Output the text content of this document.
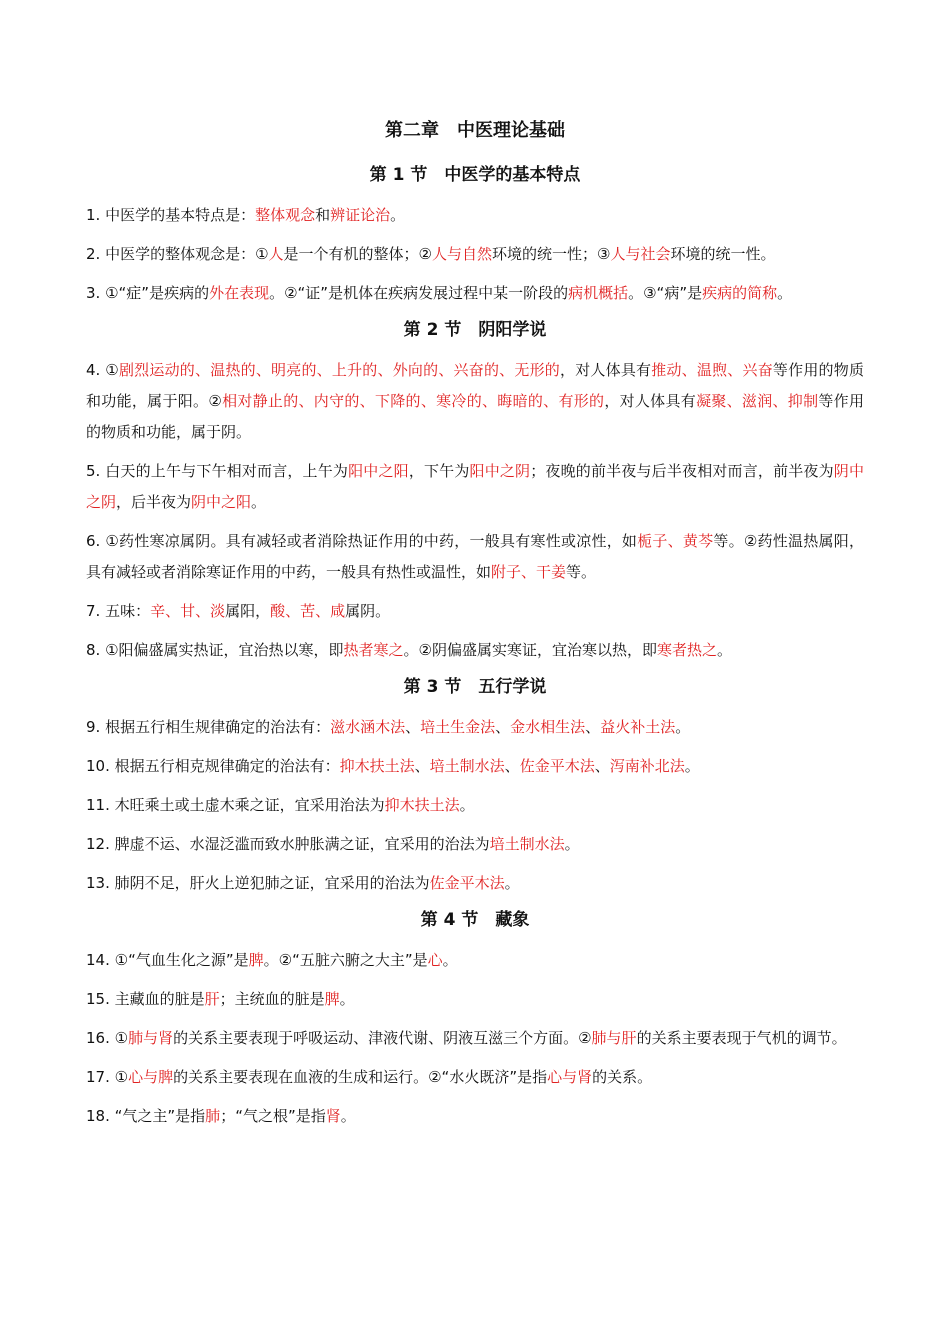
第二章　中医理论基础
第 1 节　中医学的基本特点
1. 中医学的基本特点是：整体观念和辨证论治。
2. 中医学的整体观念是：①人是一个有机的整体；②人与自然环境的统一性；③人与社会环境的统一性。
3. ①“症”是疾病的外在表现。②“证”是机体在疾病发展过程中某一阶段的病机概括。③“病”是疾病的简称。
第 2 节　阴阳学说
4. ①剧烈运动的、温热的、明亮的、上升的、外向的、兴奋的、无形的，对人体具有推动、温煦、兴奋等作用的物质和功能，属于阳。②相对静止的、内守的、下降的、寒冷的、晦暗的、有形的，对人体具有凝聚、滋润、抑制等作用的物质和功能，属于阴。
5. 白天的上午与下午相对而言，上午为阳中之阳，下午为阳中之阴；夜晚的前半夜与后半夜相对而言，前半夜为阴中之阴，后半夜为阴中之阳。
6. ①药性寒凉属阴。具有减轻或者消除热证作用的中药，一般具有寒性或凉性，如栀子、黄芩等。②药性温热属阳，具有减轻或者消除寒证作用的中药，一般具有热性或温性，如附子、干姜等。
7. 五味：辛、甘、淡属阳，酸、苦、咸属阴。
8. ①阳偏盛属实热证，宜治热以寒，即热者寒之。②阴偏盛属实寒证，宜治寒以热，即寒者热之。
第 3 节　五行学说
9. 根据五行相生规律确定的治法有：滋水涵木法、培土生金法、金水相生法、益火补土法。
10. 根据五行相克规律确定的治法有：抑木扶土法、培土制水法、佐金平木法、泻南补北法。
11. 木旺乘土或土虚木乘之证，宜采用治法为抑木扶土法。
12. 脾虚不运、水湿泛滥而致水肿胀满之证，宜采用的治法为培土制水法。
13. 肺阴不足，肝火上逆犯肺之证，宜采用的治法为佐金平木法。
第 4 节　藏象
14. ①“气血生化之源”是脾。②“五脏六腑之大主”是心。
15. 主藏血的脏是肝；主统血的脏是脾。
16. ①肺与肾的关系主要表现于呼吸运动、津液代谢、阴液互滋三个方面。②肺与肝的关系主要表现于气机的调节。
17. ①心与脾的关系主要表现在血液的生成和运行。②“水火既济”是指心与肾的关系。
18. “气之主”是指肺；“气之根”是指肾。
